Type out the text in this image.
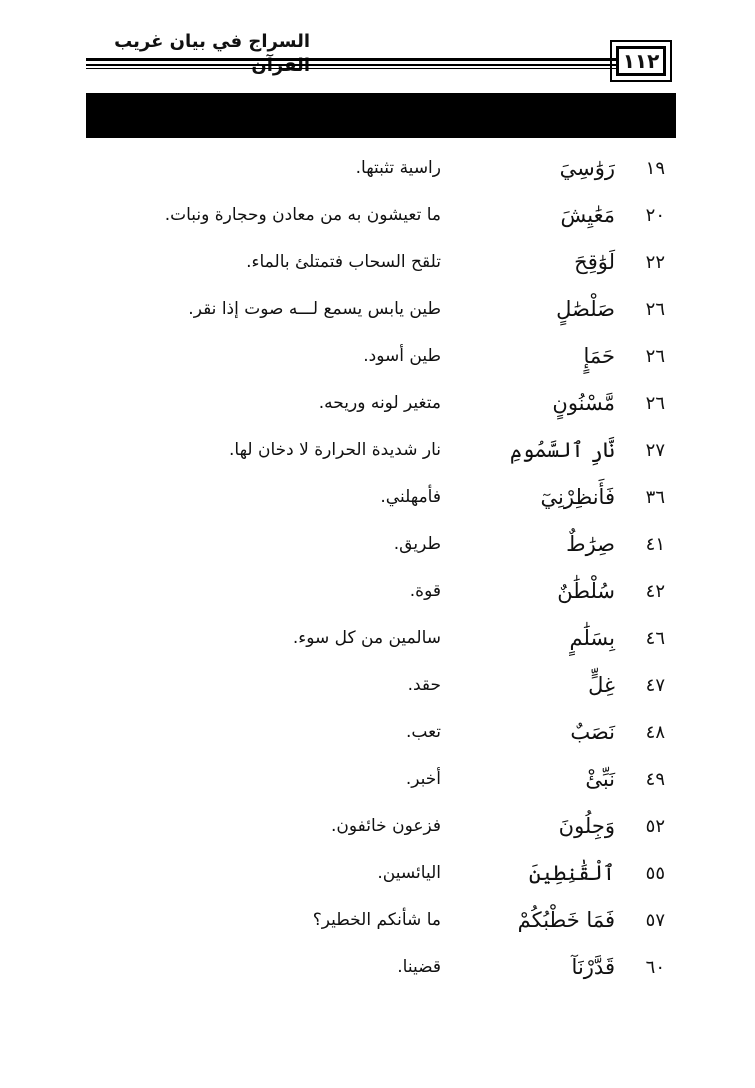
السراج في بيان غريب
١١٢
١٩
رَوَٰسِيَ
راسية تثبتها.
٢٠
مَعَٰيِشَ
ما تعيشون به من معادن وحجارة ونبات.
٢٢
لَوَٰقِحَ
تلقح السحاب فتمتلئ بالماء.
٢٦
صَلْصَٰلٍ
طين يابس يسمع لـــه صوت إذا نقر.
٢٦
حَمَإٍ
طين أسود.
٢٦
مَّسْنُونٍ
متغير لونه وريحه.
٢٧
نَّارِ ٱلسَّمُومِ
نار شديدة الحرارة لا دخان لها.
٣٦
فَأَنظِرْنِيٓ
فأمهلني.
٤١
صِرَٰطٌ
طريق.
٤٢
سُلْطَٰنٌ
قوة.
٤٦
بِسَلَٰمٍ
سالمين من كل سوء.
٤٧
غِلٍّ
حقد.
٤٨
نَصَبٌ
تعب.
٤٩
نَبِّئْ
أخبر.
٥٢
وَجِلُونَ
فزعون خائفون.
٥٥
ٱلْقَٰنِطِينَ
اليائسين.
٥٧
فَمَا خَطْبُكُمْ
ما شأنكم الخطير؟
٦٠
قَدَّرْنَآ
قضينا.
